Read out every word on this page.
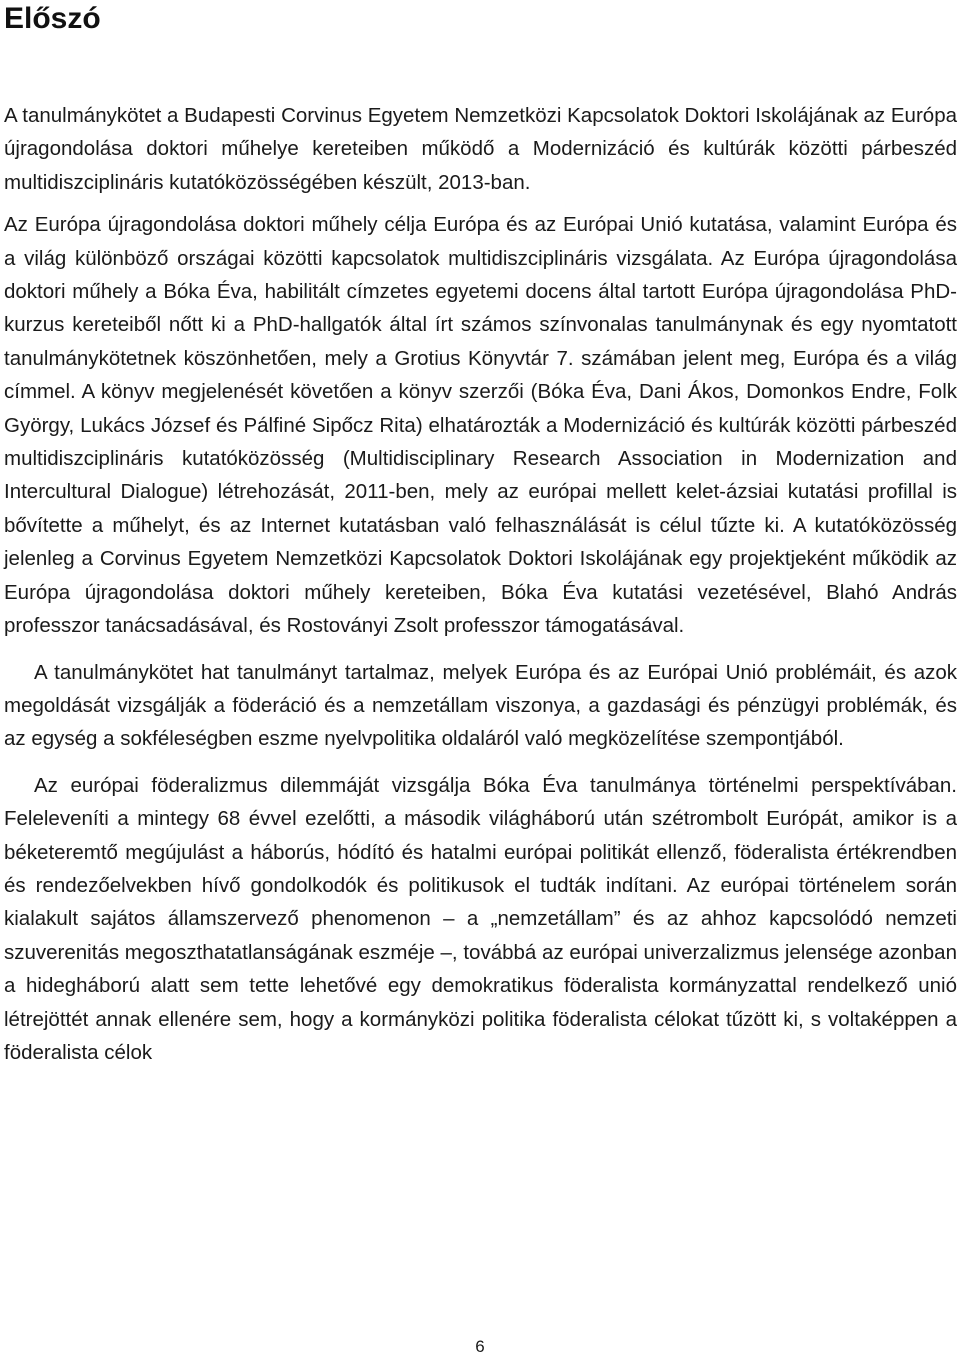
Előszó

A tanulmánykötet a Budapesti Corvinus Egyetem Nemzetközi Kapcsolatok Doktori Iskolájának az Európa újragondolása doktori műhelye kereteiben működő a Modernizáció és kultúrák közötti párbeszéd multidiszciplináris kutatóközösségében készült, 2013-ban.

Az Európa újragondolása doktori műhely célja Európa és az Európai Unió kutatása, valamint Európa és a világ különböző országai közötti kapcsolatok multidiszciplináris vizsgálata. Az Európa újragondolása doktori műhely a Bóka Éva, habilitált címzetes egyetemi docens által tartott Európa újragondolása PhD-kurzus kereteiből nőtt ki a PhD-hallgatók által írt számos színvonalas tanulmánynak és egy nyomtatott tanulmánykötetnek köszönhetően, mely a Grotius Könyvtár 7. számában jelent meg, Európa és a világ címmel. A könyv megjelenését követően a könyv szerzői (Bóka Éva, Dani Ákos, Domonkos Endre, Folk György, Lukács József és Pálfiné Sipőcz Rita) elhatározták a Modernizáció és kultúrák közötti párbeszéd multidiszciplináris kutatóközösség (Multidisciplinary Research Association in Modernization and Intercultural Dialogue) létrehozását, 2011-ben, mely az európai mellett kelet-ázsiai kutatási profillal is bővítette a műhelyt, és az Internet kutatásban való felhasználását is célul tűzte ki. A kutatóközösség jelenleg a Corvinus Egyetem Nemzetközi Kapcsolatok Doktori Iskolájának egy projektjeként működik az Európa újragondolása doktori műhely kereteiben, Bóka Éva kutatási vezetésével, Blahó András professzor tanácsadásával, és Rostoványi Zsolt professzor támogatásával.

A tanulmánykötet hat tanulmányt tartalmaz, melyek Európa és az Európai Unió problémáit, és azok megoldását vizsgálják a föderáció és a nemzetállam viszonya, a gazdasági és pénzügyi problémák, és az egység a sokféleségben eszme nyelvpolitika oldaláról való megközelítése szempontjából.

Az európai föderalizmus dilemmáját vizsgálja Bóka Éva tanulmánya történelmi perspektívában. Feleleveníti a mintegy 68 évvel ezelőtti, a második világháború után szétrombolt Európát, amikor is a béketeremtő megújulást a háborús, hódító és hatalmi európai politikát ellenző, föderalista értékrendben és rendezőelvekben hívő gondolkodók és politikusok el tudták indítani. Az európai történelem során kialakult sajátos államszervező phenomenon – a „nemzetállam” és az ahhoz kapcsolódó nemzeti szuverenitás megoszthatatlanságának eszméje –, továbbá az európai univerzalizmus jelensége azonban a hidegháború alatt sem tette lehetővé egy demokratikus föderalista kormányzattal rendelkező unió létrejöttét annak ellenére sem, hogy a kormányközi politika föderalista célokat tűzött ki, s voltaképpen a föderalista célok

6
